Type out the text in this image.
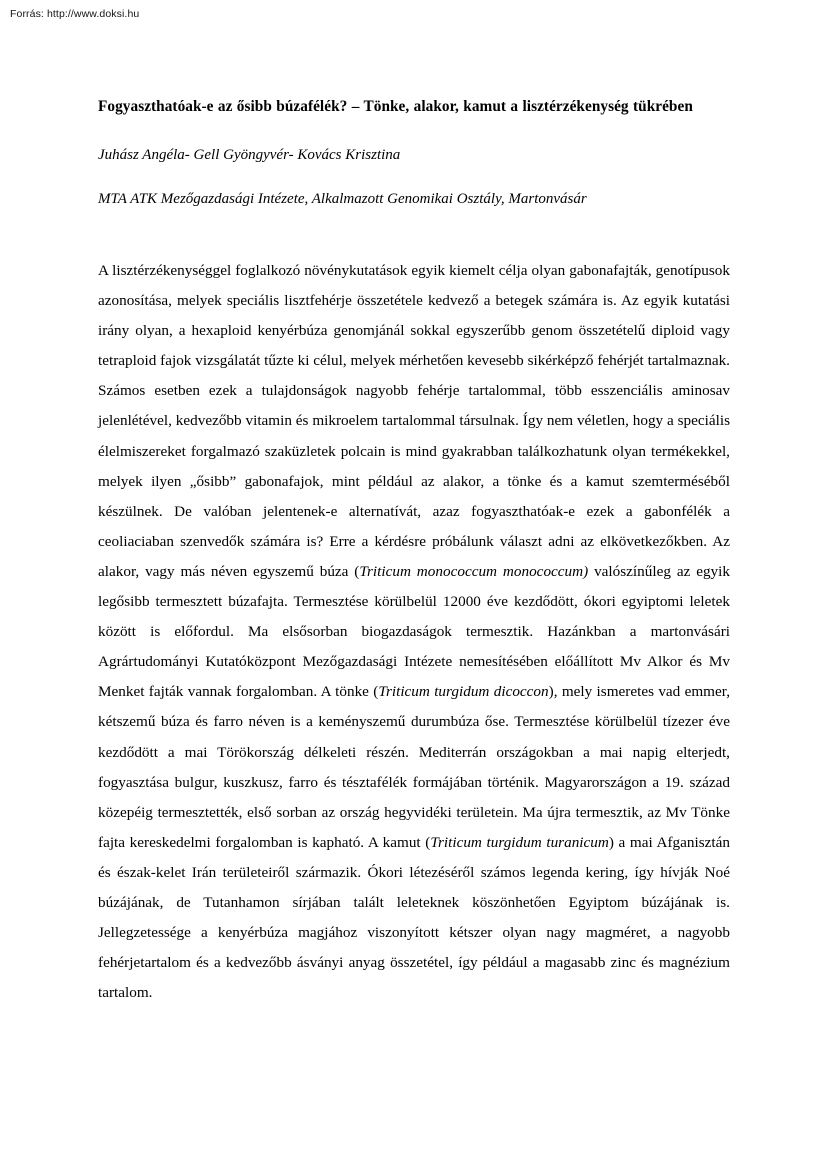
Forrás: http://www.doksi.hu
Fogyaszthatóak-e az ősibb búzafélék? – Tönke, alakor, kamut a lisztérzékenység tükrében

Juhász Angéla- Gell Gyöngyvér- Kovács Krisztina

MTA ATK Mezőgazdasági Intézete, Alkalmazott Genomikai Osztály, Martonvásár

A lisztérzékenységgel foglalkozó növénykutatások egyik kiemelt célja olyan gabonafajták, genotípusok azonosítása, melyek speciális lisztfehérje összetétele kedvező a betegek számára is. Az egyik kutatási irány olyan, a hexaploid kenyérbúza genomjánál sokkal egyszerűbb genom összetételű diploid vagy tetraploid fajok vizsgálatát tűzte ki célul, melyek mérhetően kevesebb sikérképző fehérjét tartalmaznak. Számos esetben ezek a tulajdonságok nagyobb fehérje tartalommal, több esszenciális aminosav jelenlétével, kedvezőbb vitamin és mikroelem tartalommal társulnak. Így nem véletlen, hogy a speciális élelmiszereket forgalmazó szaküzletek polcain is mind gyakrabban találkozhatunk olyan termékekkel, melyek ilyen „ősibb” gabonafajok, mint például az alakor, a tönke és a kamut szemterméséből készülnek. De valóban jelentenek-e alternatívát, azaz fogyaszthatóak-e ezek a gabonfélék a ceoliaciaban szenvedők számára is? Erre a kérdésre próbálunk választ adni az elkövetkezőkben. Az alakor, vagy más néven egyszemű búza (Triticum monococcum monococcum) valószínűleg az egyik legősibb termesztett búzafajta. Termesztése körülbelül 12000 éve kezdődött, ókori egyiptomi leletek között is előfordul. Ma elsősorban biogazdaságok termesztik. Hazánkban a martonvásári Agrártudományi Kutatóközpont Mezőgazdasági Intézete nemesítésében előállított Mv Alkor és Mv Menket fajták vannak forgalomban. A tönke (Triticum turgidum dicoccon), mely ismeretes vad emmer, kétszemű búza és farro néven is a keményszemű durumbúza őse. Termesztése körülbelül tízezer éve kezdődött a mai Törökország délkeleti részén. Mediterrán országokban a mai napig elterjedt, fogyasztása bulgur, kuszkusz, farro és tésztafélék formájában történik. Magyarországon a 19. század közepéig termesztették, első sorban az ország hegyvidéki területein. Ma újra termesztik, az Mv Tönke fajta kereskedelmi forgalomban is kapható. A kamut (Triticum turgidum turanicum) a mai Afganisztán és észak-kelet Irán területeiről származik. Ókori létezéséről számos legenda kering, így hívják Noé búzájának, de Tutanhamon sírjában talált leleteknek köszönhetően Egyiptom búzájának is. Jellegzetessége a kenyérbúza magjához viszonyított kétszer olyan nagy magméret, a nagyobb fehérjetartalom és a kedvezőbb ásványi anyag összetétel, így például a magasabb zinc és magnézium tartalom.
